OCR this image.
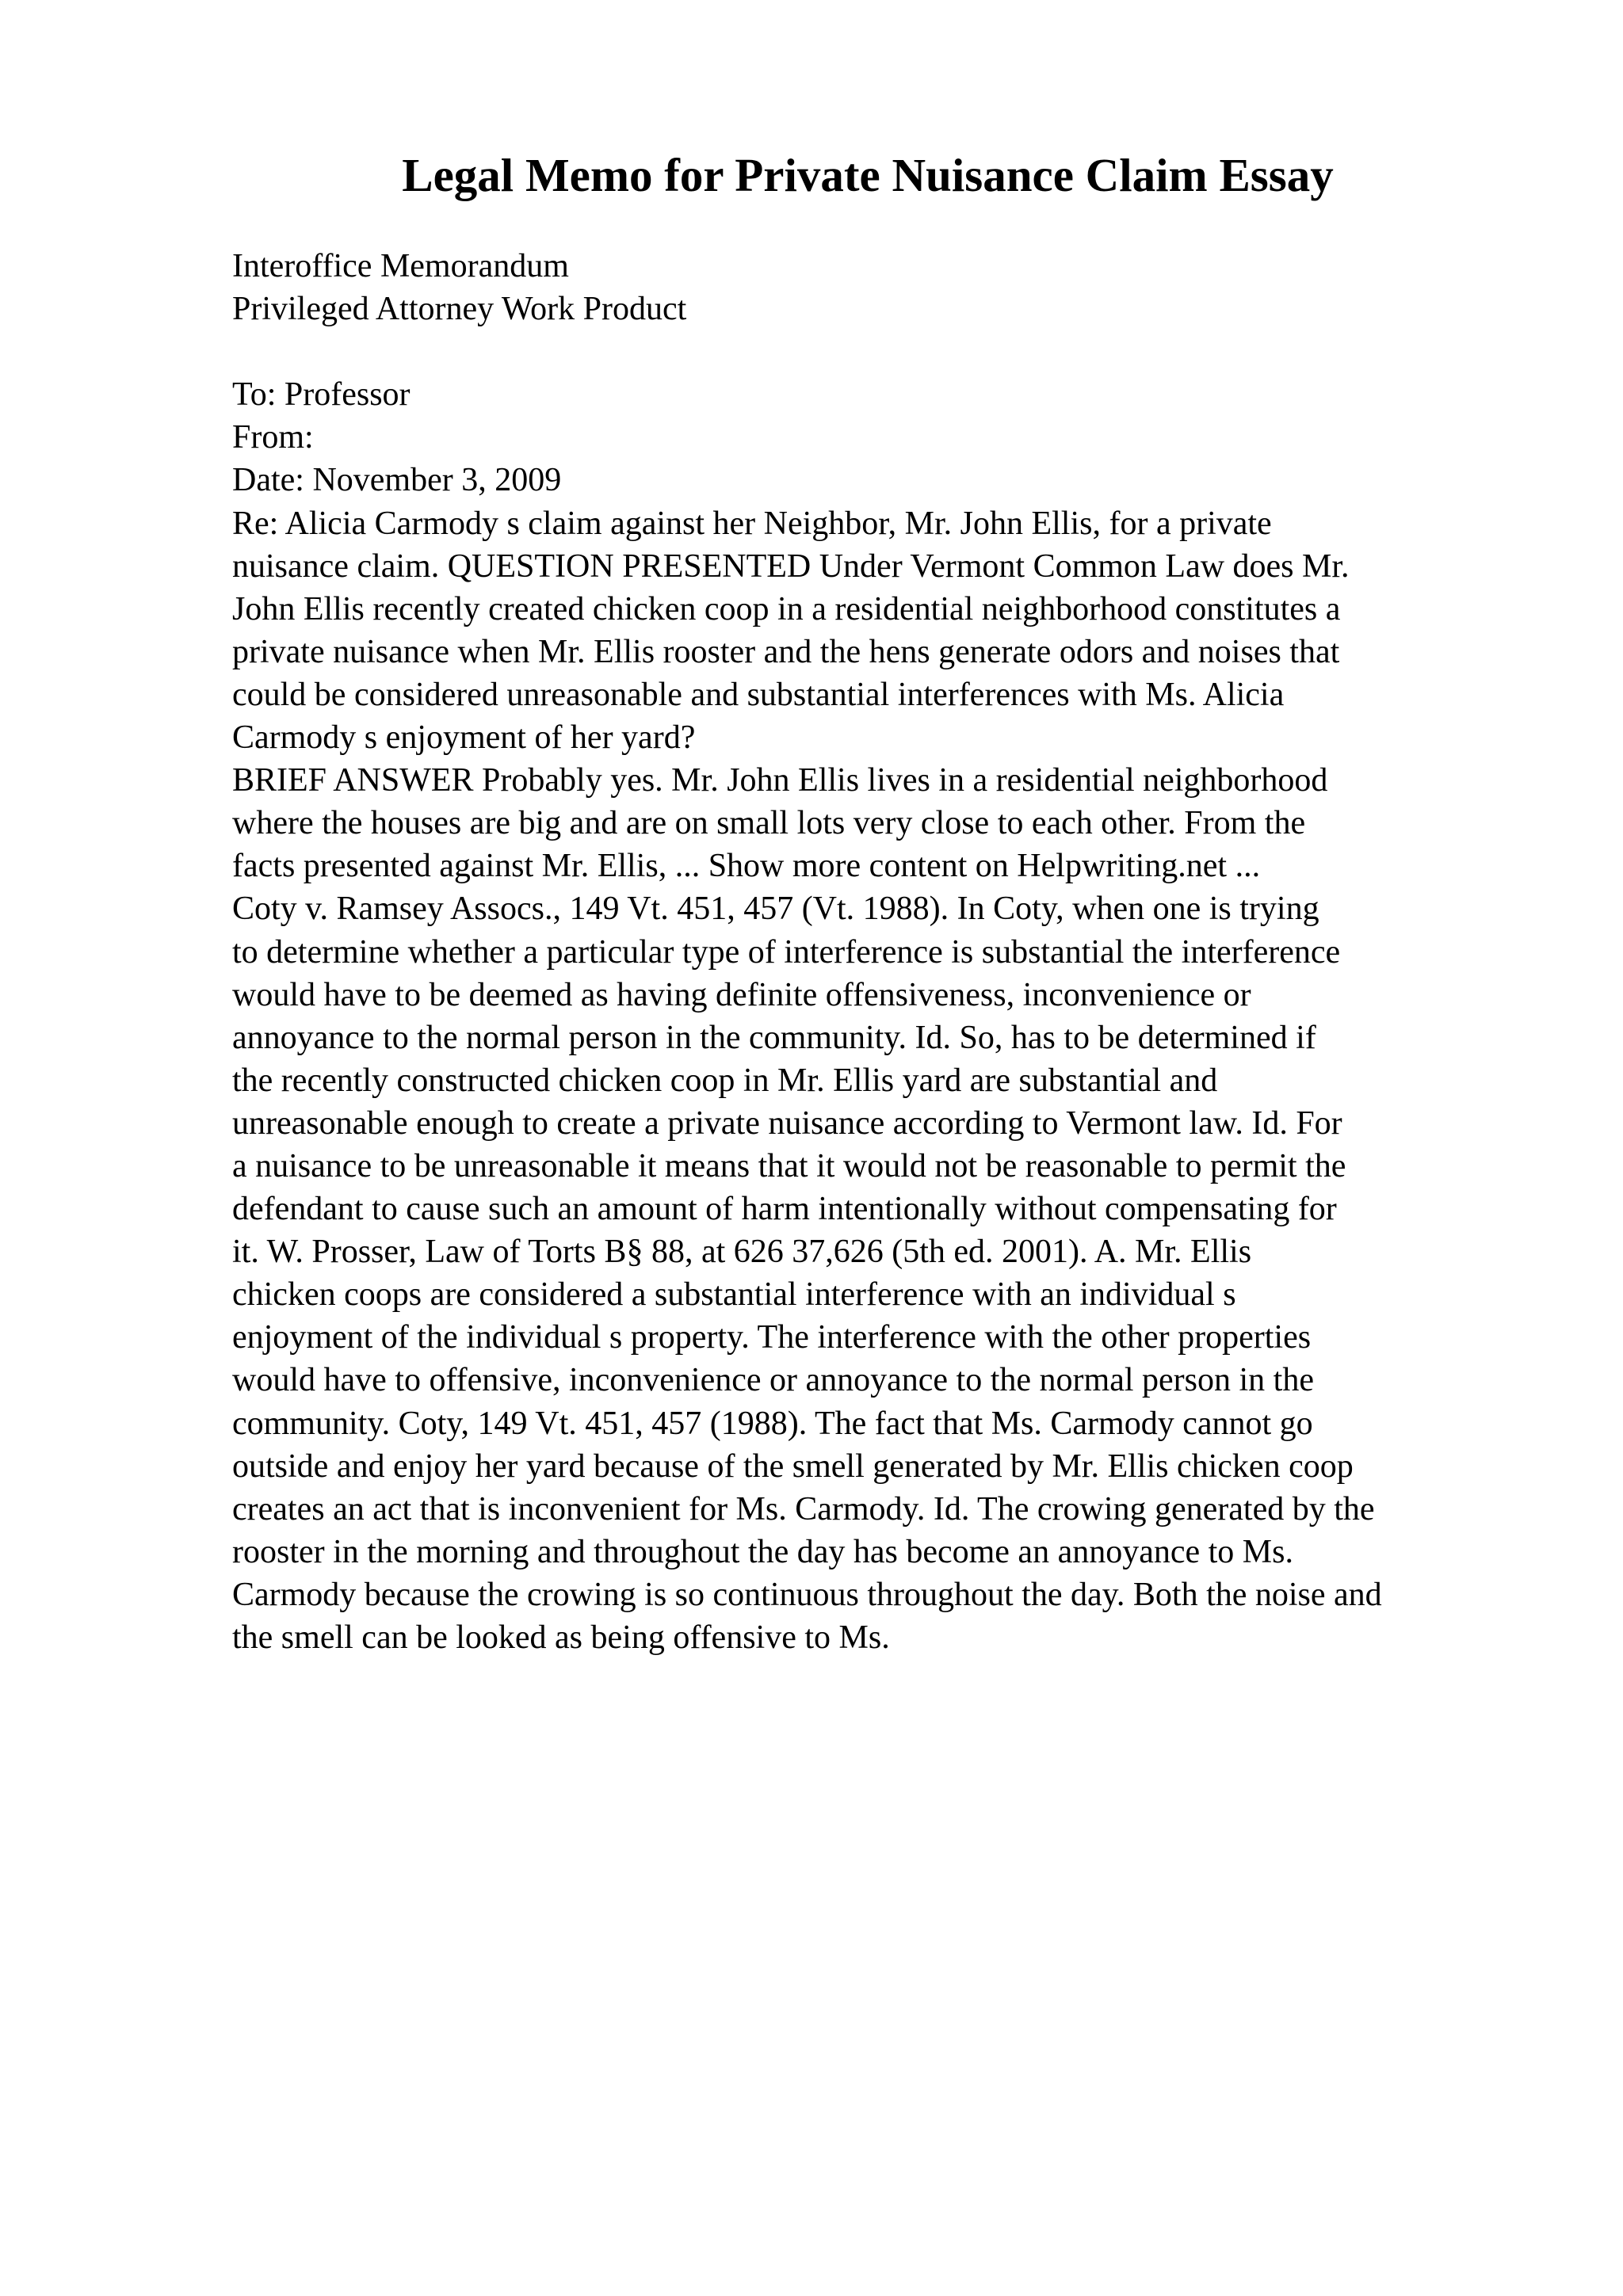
Legal Memo for Private Nuisance Claim Essay
Interoffice Memorandum
Privileged Attorney Work Product
To: Professor
From:
Date: November 3, 2009
Re: Alicia Carmody s claim against her Neighbor, Mr. John Ellis, for a private
nuisance claim. QUESTION PRESENTED Under Vermont Common Law does Mr.
John Ellis recently created chicken coop in a residential neighborhood constitutes a
private nuisance when Mr. Ellis rooster and the hens generate odors and noises that
could be considered unreasonable and substantial interferences with Ms. Alicia
Carmody s enjoyment of her yard?
BRIEF ANSWER Probably yes. Mr. John Ellis lives in a residential neighborhood
where the houses are big and are on small lots very close to each other. From the
facts presented against Mr. Ellis, ... Show more content on Helpwriting.net ...
Coty v. Ramsey Assocs., 149 Vt. 451, 457 (Vt. 1988). In Coty, when one is trying
to determine whether a particular type of interference is substantial the interference
would have to be deemed as having definite offensiveness, inconvenience or
annoyance to the normal person in the community. Id. So, has to be determined if
the recently constructed chicken coop in Mr. Ellis yard are substantial and
unreasonable enough to create a private nuisance according to Vermont law. Id. For
a nuisance to be unreasonable it means that it would not be reasonable to permit the
defendant to cause such an amount of harm intentionally without compensating for
it. W. Prosser, Law of Torts B§ 88, at 626 37,626 (5th ed. 2001). A. Mr. Ellis
chicken coops are considered a substantial interference with an individual s
enjoyment of the individual s property. The interference with the other properties
would have to offensive, inconvenience or annoyance to the normal person in the
community. Coty, 149 Vt. 451, 457 (1988). The fact that Ms. Carmody cannot go
outside and enjoy her yard because of the smell generated by Mr. Ellis chicken coop
creates an act that is inconvenient for Ms. Carmody. Id. The crowing generated by the
rooster in the morning and throughout the day has become an annoyance to Ms.
Carmody because the crowing is so continuous throughout the day. Both the noise and
the smell can be looked as being offensive to Ms.
